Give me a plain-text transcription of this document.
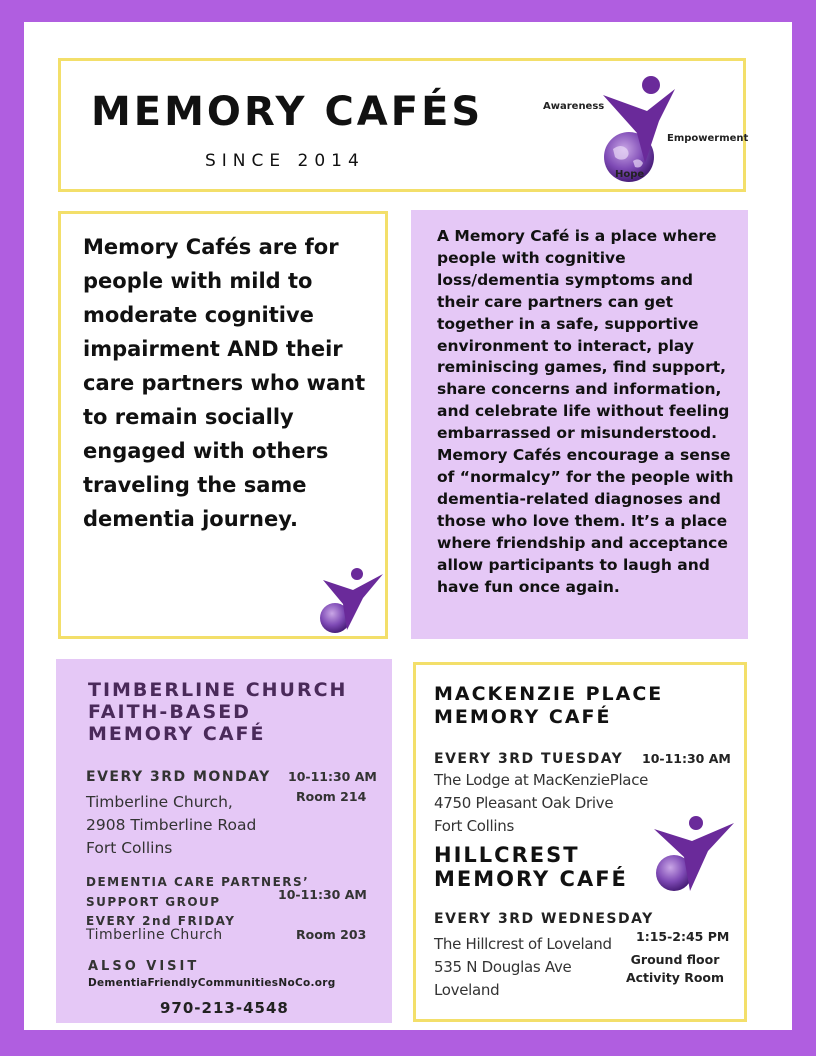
MEMORY CAFÉS
SINCE 2014
Awareness
Empowerment
Hope
Memory Cafés are for people with mild to moderate cognitive impairment AND their care partners who want to remain socially engaged with others traveling the same dementia journey.
A Memory Café is a place where people with cognitive loss/dementia symptoms and their care partners can get together in a safe, supportive environment to interact, play reminiscing games, find support, share concerns and information, and celebrate life without feeling embarrassed or misunderstood. Memory Cafés encourage a sense of “normalcy” for the people with dementia-related diagnoses and those who love them. It’s a place where friendship and acceptance allow participants to laugh and have fun once again.
TIMBERLINE CHURCH
FAITH-BASED
MEMORY CAFÉ
EVERY 3RD MONDAY 10-11:30 AM
Room 214
Timberline Church,
2908 Timberline Road
Fort Collins
DEMENTIA CARE PARTNERS’
SUPPORT GROUP
EVERY 2nd FRIDAY
10-11:30 AM
Timberline Church	Room 203
ALSO VISIT
DementiaFriendlyCommunitiesNoCo.org
970-213-4548
MACKENZIE PLACE
MEMORY CAFÉ
EVERY 3RD TUESDAY 10-11:30 AM
The Lodge at MacKenziePlace
4750 Pleasant Oak Drive
Fort Collins
HILLCREST
MEMORY CAFÉ
EVERY 3RD WEDNESDAY
The Hillcrest of Loveland
535 N Douglas Ave
Loveland
1:15-2:45 PM
Ground floor
Activity Room
